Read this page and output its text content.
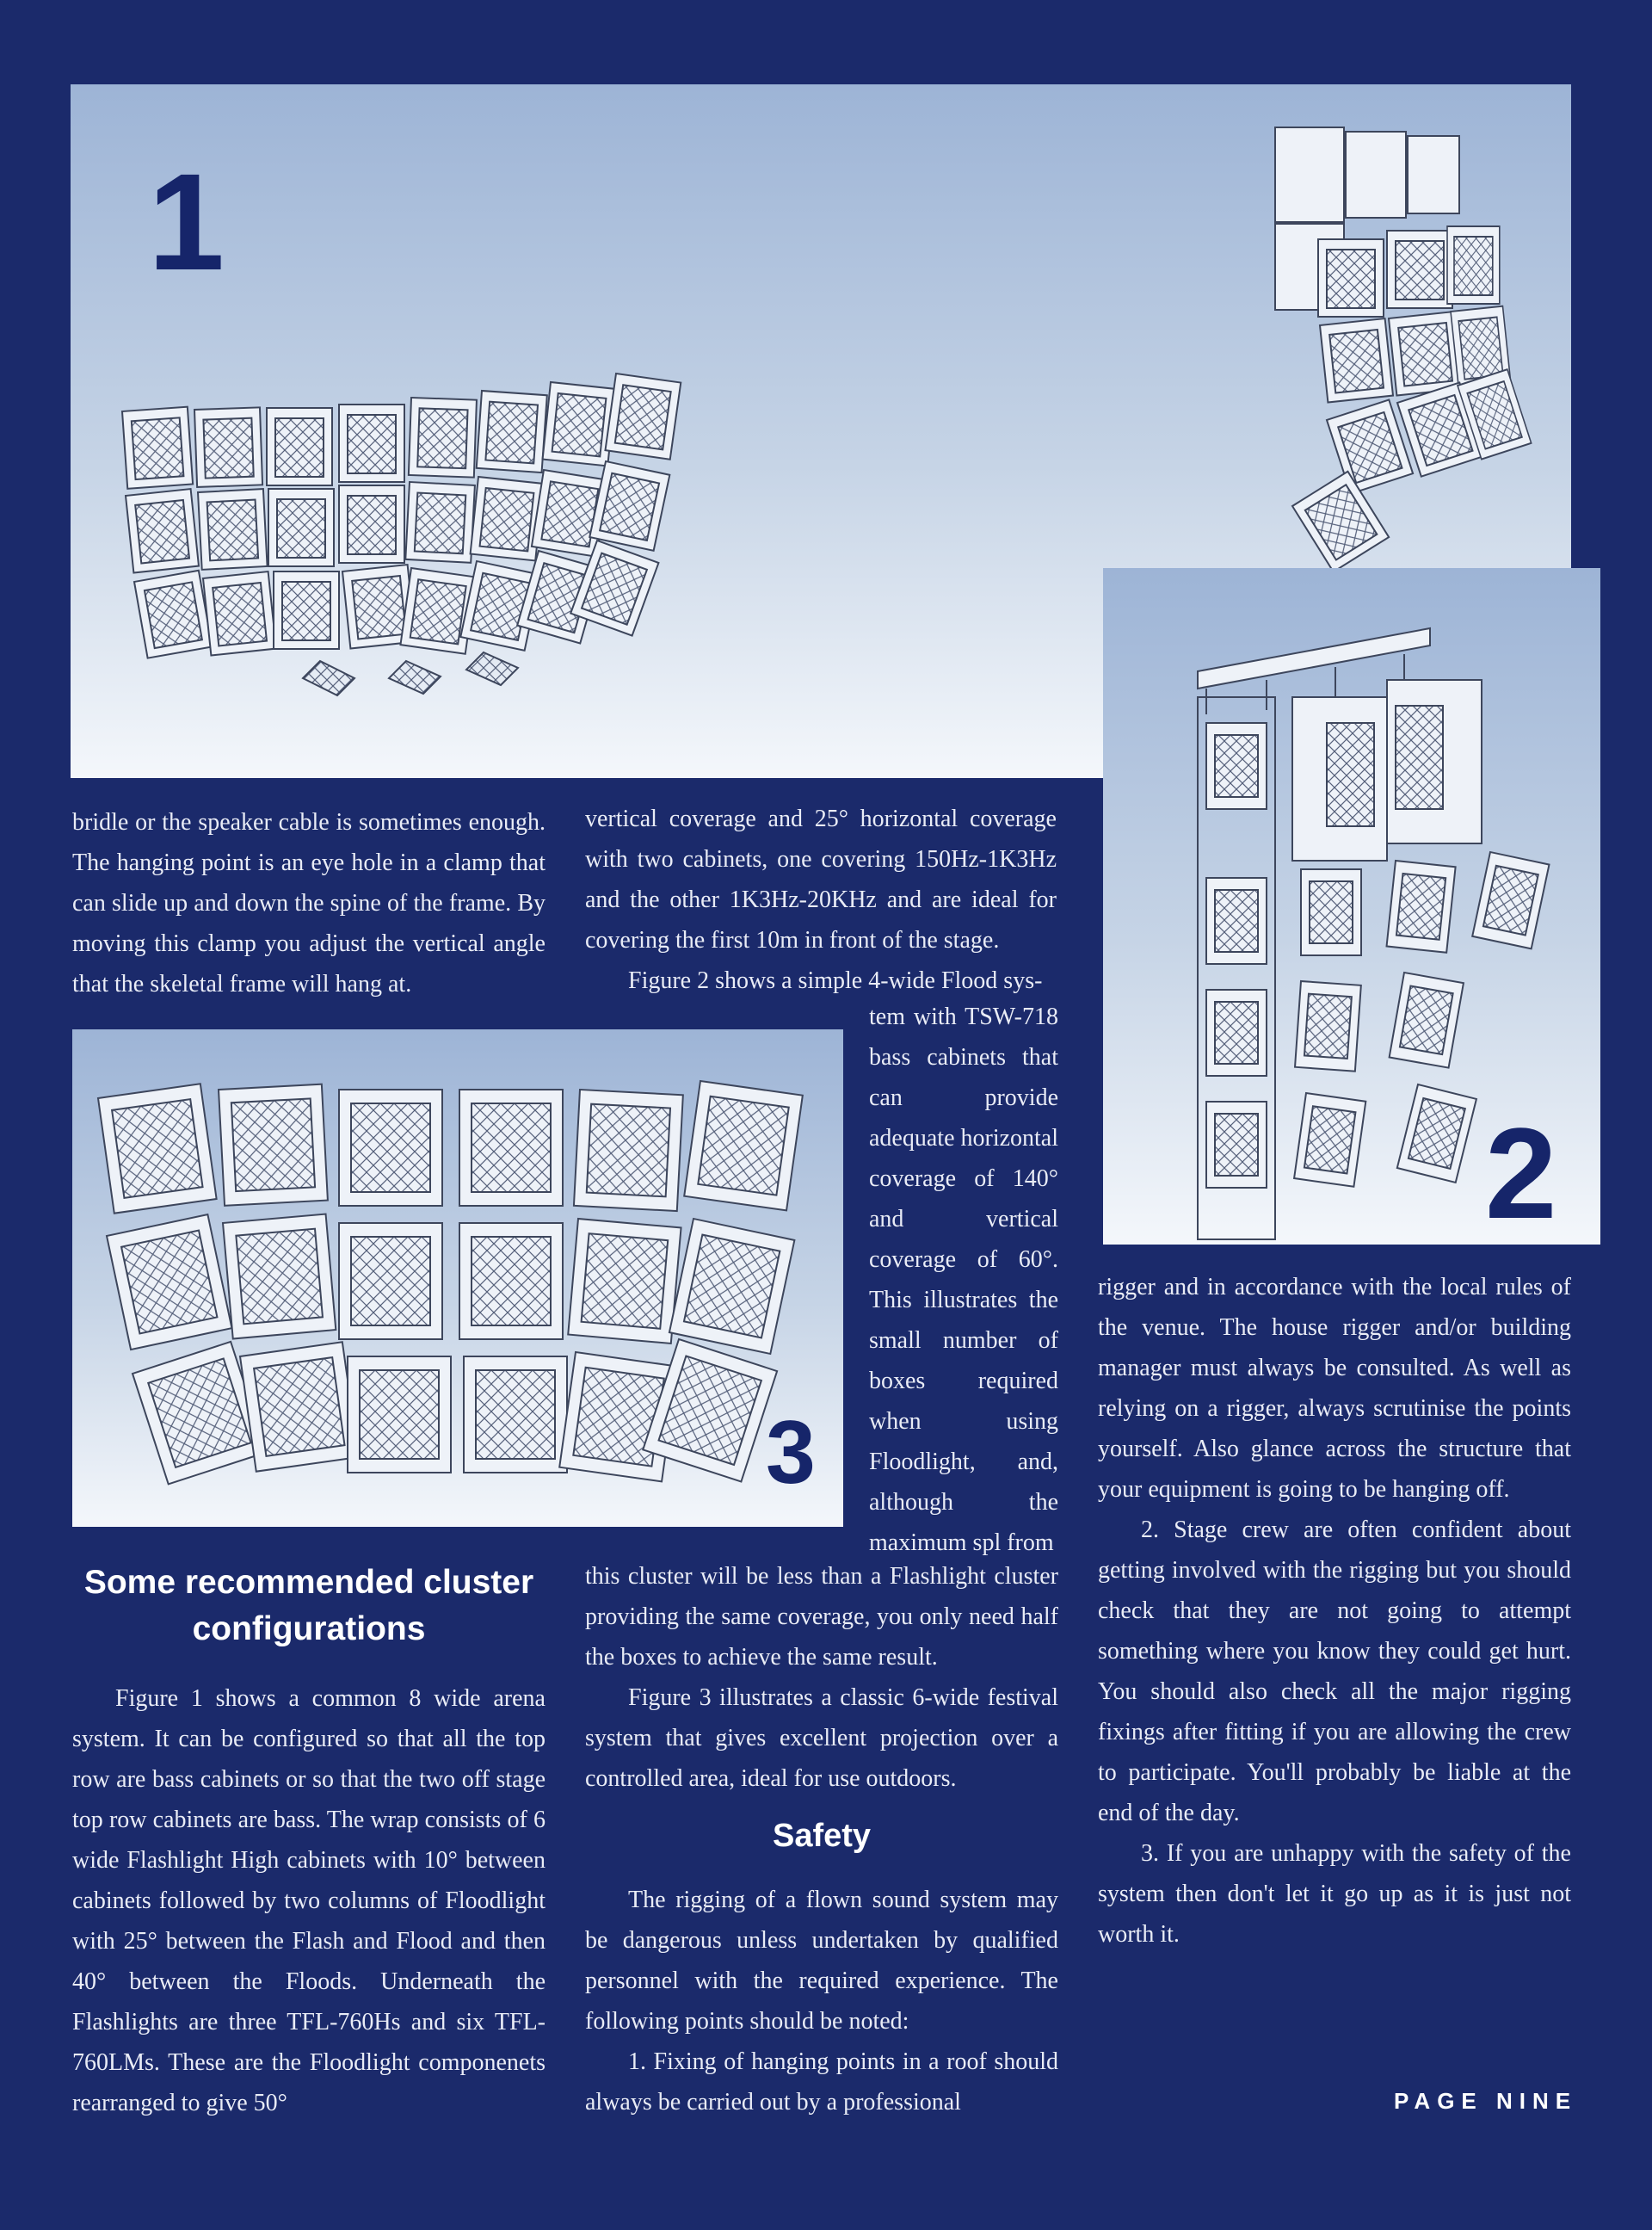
1
2
3

bridle or the speaker cable is sometimes enough. The hanging point is an eye hole in a clamp that can slide up and down the spine of the frame. By moving this clamp you adjust the vertical angle that the skeletal frame will hang at.

vertical coverage and 25° horizontal coverage with two cabinets, one covering 150Hz-1K3Hz and the other 1K3Hz-20KHz and are ideal for covering the first 10m in front of the stage.

Figure 2 shows a simple 4-wide Flood sys-

tem with TSW-718 bass cabinets that can provide adequate horizontal coverage of 140° and vertical coverage of 60°. This illustrates the small number of boxes required when using Floodlight, and, although the maximum spl from

this cluster will be less than a Flashlight cluster providing the same coverage, you only need half the boxes to achieve the same result.

Figure 3 illustrates a classic 6-wide festival system that gives excellent projection over a controlled area, ideal for use outdoors.

Safety

The rigging of a flown sound system may be dangerous unless undertaken by qualified personnel with the required experience. The following points should be noted:

1. Fixing of hanging points in a roof should always be carried out by a professional

Some recommended cluster configurations

Figure 1 shows a common 8 wide arena system. It can be configured so that all the top row are bass cabinets or so that the two off stage top row cabinets are bass. The wrap consists of 6 wide Flashlight High cabinets with 10° between cabinets followed by two columns of Floodlight with 25° between the Flash and Flood and then 40° between the Floods. Underneath the Flashlights are three TFL-760Hs and six TFL-760LMs. These are the Floodlight componenets rearranged to give 50°

rigger and in accordance with the local rules of the venue. The house rigger and/or building manager must always be consulted. As well as relying on a rigger, always scrutinise the points yourself. Also glance across the structure that your equipment is going to be hanging off.

2. Stage crew are often confident about getting involved with the rigging but you should check that they are not going to attempt something where you know they could get hurt. You should also check all the major rigging fixings after fitting if you are allowing the crew to participate. You'll probably be liable at the end of the day.

3. If you are unhappy with the safety of the system then don't let it go up as it is just not worth it.

PAGE NINE
